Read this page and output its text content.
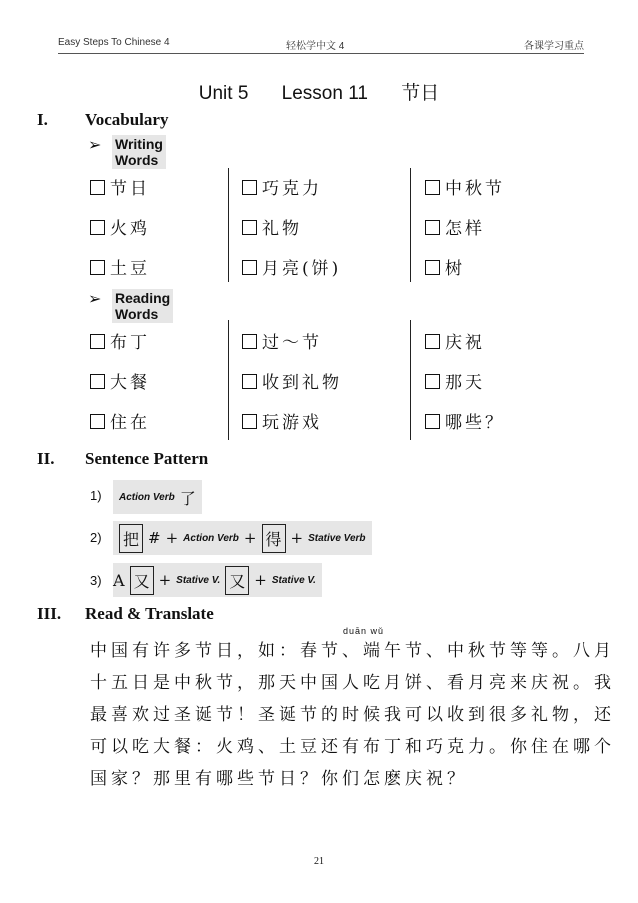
Easy Steps To Chinese 4	轻松学中文 4	各课学习重点
Unit 5 Lesson 11 节日
I. Vocabulary
➢ Writing Words
节日	巧克力	中秋节
火鸡	礼物	怎样
土豆	月亮(饼)	树
➢ Reading Words
布丁	过～节	庆祝
大餐	收到礼物	那天
住在	玩游戏	哪些？
II. Sentence Pattern
1) Action Verb 了
2) 把 # + Action Verb + 得 + Stative Verb
3) A 又 + Stative V. 又 + Stative V.
III. Read & Translate
duān wǔ
中国有许多节日，如：春节、端午节、中秋节等等。八月
十五日是中秋节，那天中国人吃月饼、看月亮来庆祝。我
最喜欢过圣诞节！圣诞节的时候我可以收到很多礼物，还
可以吃大餐：火鸡、土豆还有布丁和巧克力。你住在哪个
国家？那里有哪些节日？你们怎麽庆祝？
21
